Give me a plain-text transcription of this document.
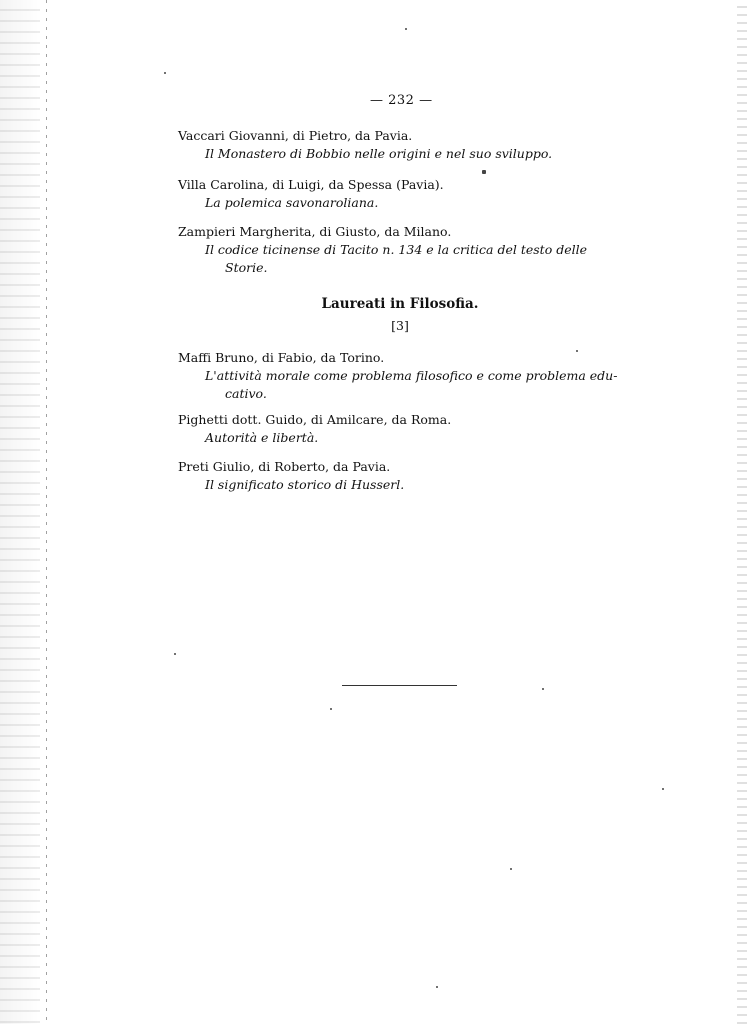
— 232 —
Vaccari Giovanni, di Pietro, da Pavia.
Il Monastero di Bobbio nelle origini e nel suo sviluppo.
Villa Carolina, di Luigi, da Spessa (Pavia).
La polemica savonaroliana.
Zampieri Margherita, di Giusto, da Milano.
Il codice ticinense di Tacito n. 134 e la critica del testo delle
Storie.
Laureati in Filosofia.
[3]
Maffi Bruno, di Fabio, da Torino.
L'attività morale come problema filosofico e come problema edu-
cativo.
Pighetti dott. Guido, di Amilcare, da Roma.
Autorità e libertà.
Preti Giulio, di Roberto, da Pavia.
Il significato storico di Husserl.
